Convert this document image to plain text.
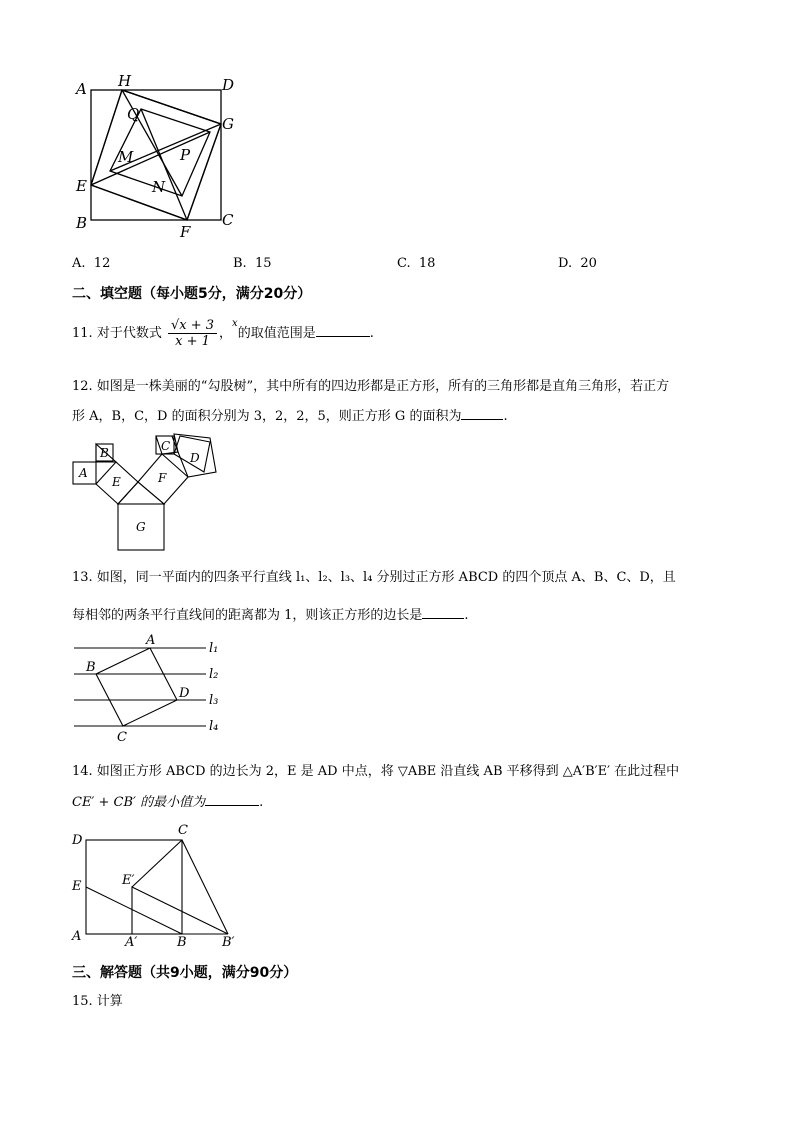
A H	D
G
Q
M	P
E	N
B	F
C
A. 12	B. 15	C. 18	D. 20
二、填空题（每小题5分，满分20分）
11. 对于代数式 $\frac{√x + 3}{x + 1}$ ，$^x$的取值范围是	.
12. 如图是一株美丽的“勾股树”，其中所有的四边形都是正方形，所有的三角形都是直角三角形，若正方
形 A，B，C，D 的面积分别为 3，2，2，5，则正方形 G 的面积为	.
A
B	C
D
E	F
G
13. 如图，同一平面内的四条平行直线 l₁、l₂、l₃、l₄ 分别过正方形 ABCD 的四个顶点 A、B、C、D，且
每相邻的两条平行直线间的距离都为 1，则该正方形的边长是	.
A
B
C
D
l₁
l₂
l₃
l₄
14. 如图正方形 ABCD 的边长为 2，E 是 AD 中点，将 ▽ABE 沿直线 AB 平移得到 △A′B′E′ 在此过程中
CE′ + CB′ 的最小值为	.
D
C
E	E′
A	A′	B	B′
三、解答题（共9小题，满分90分）
15. 计算
